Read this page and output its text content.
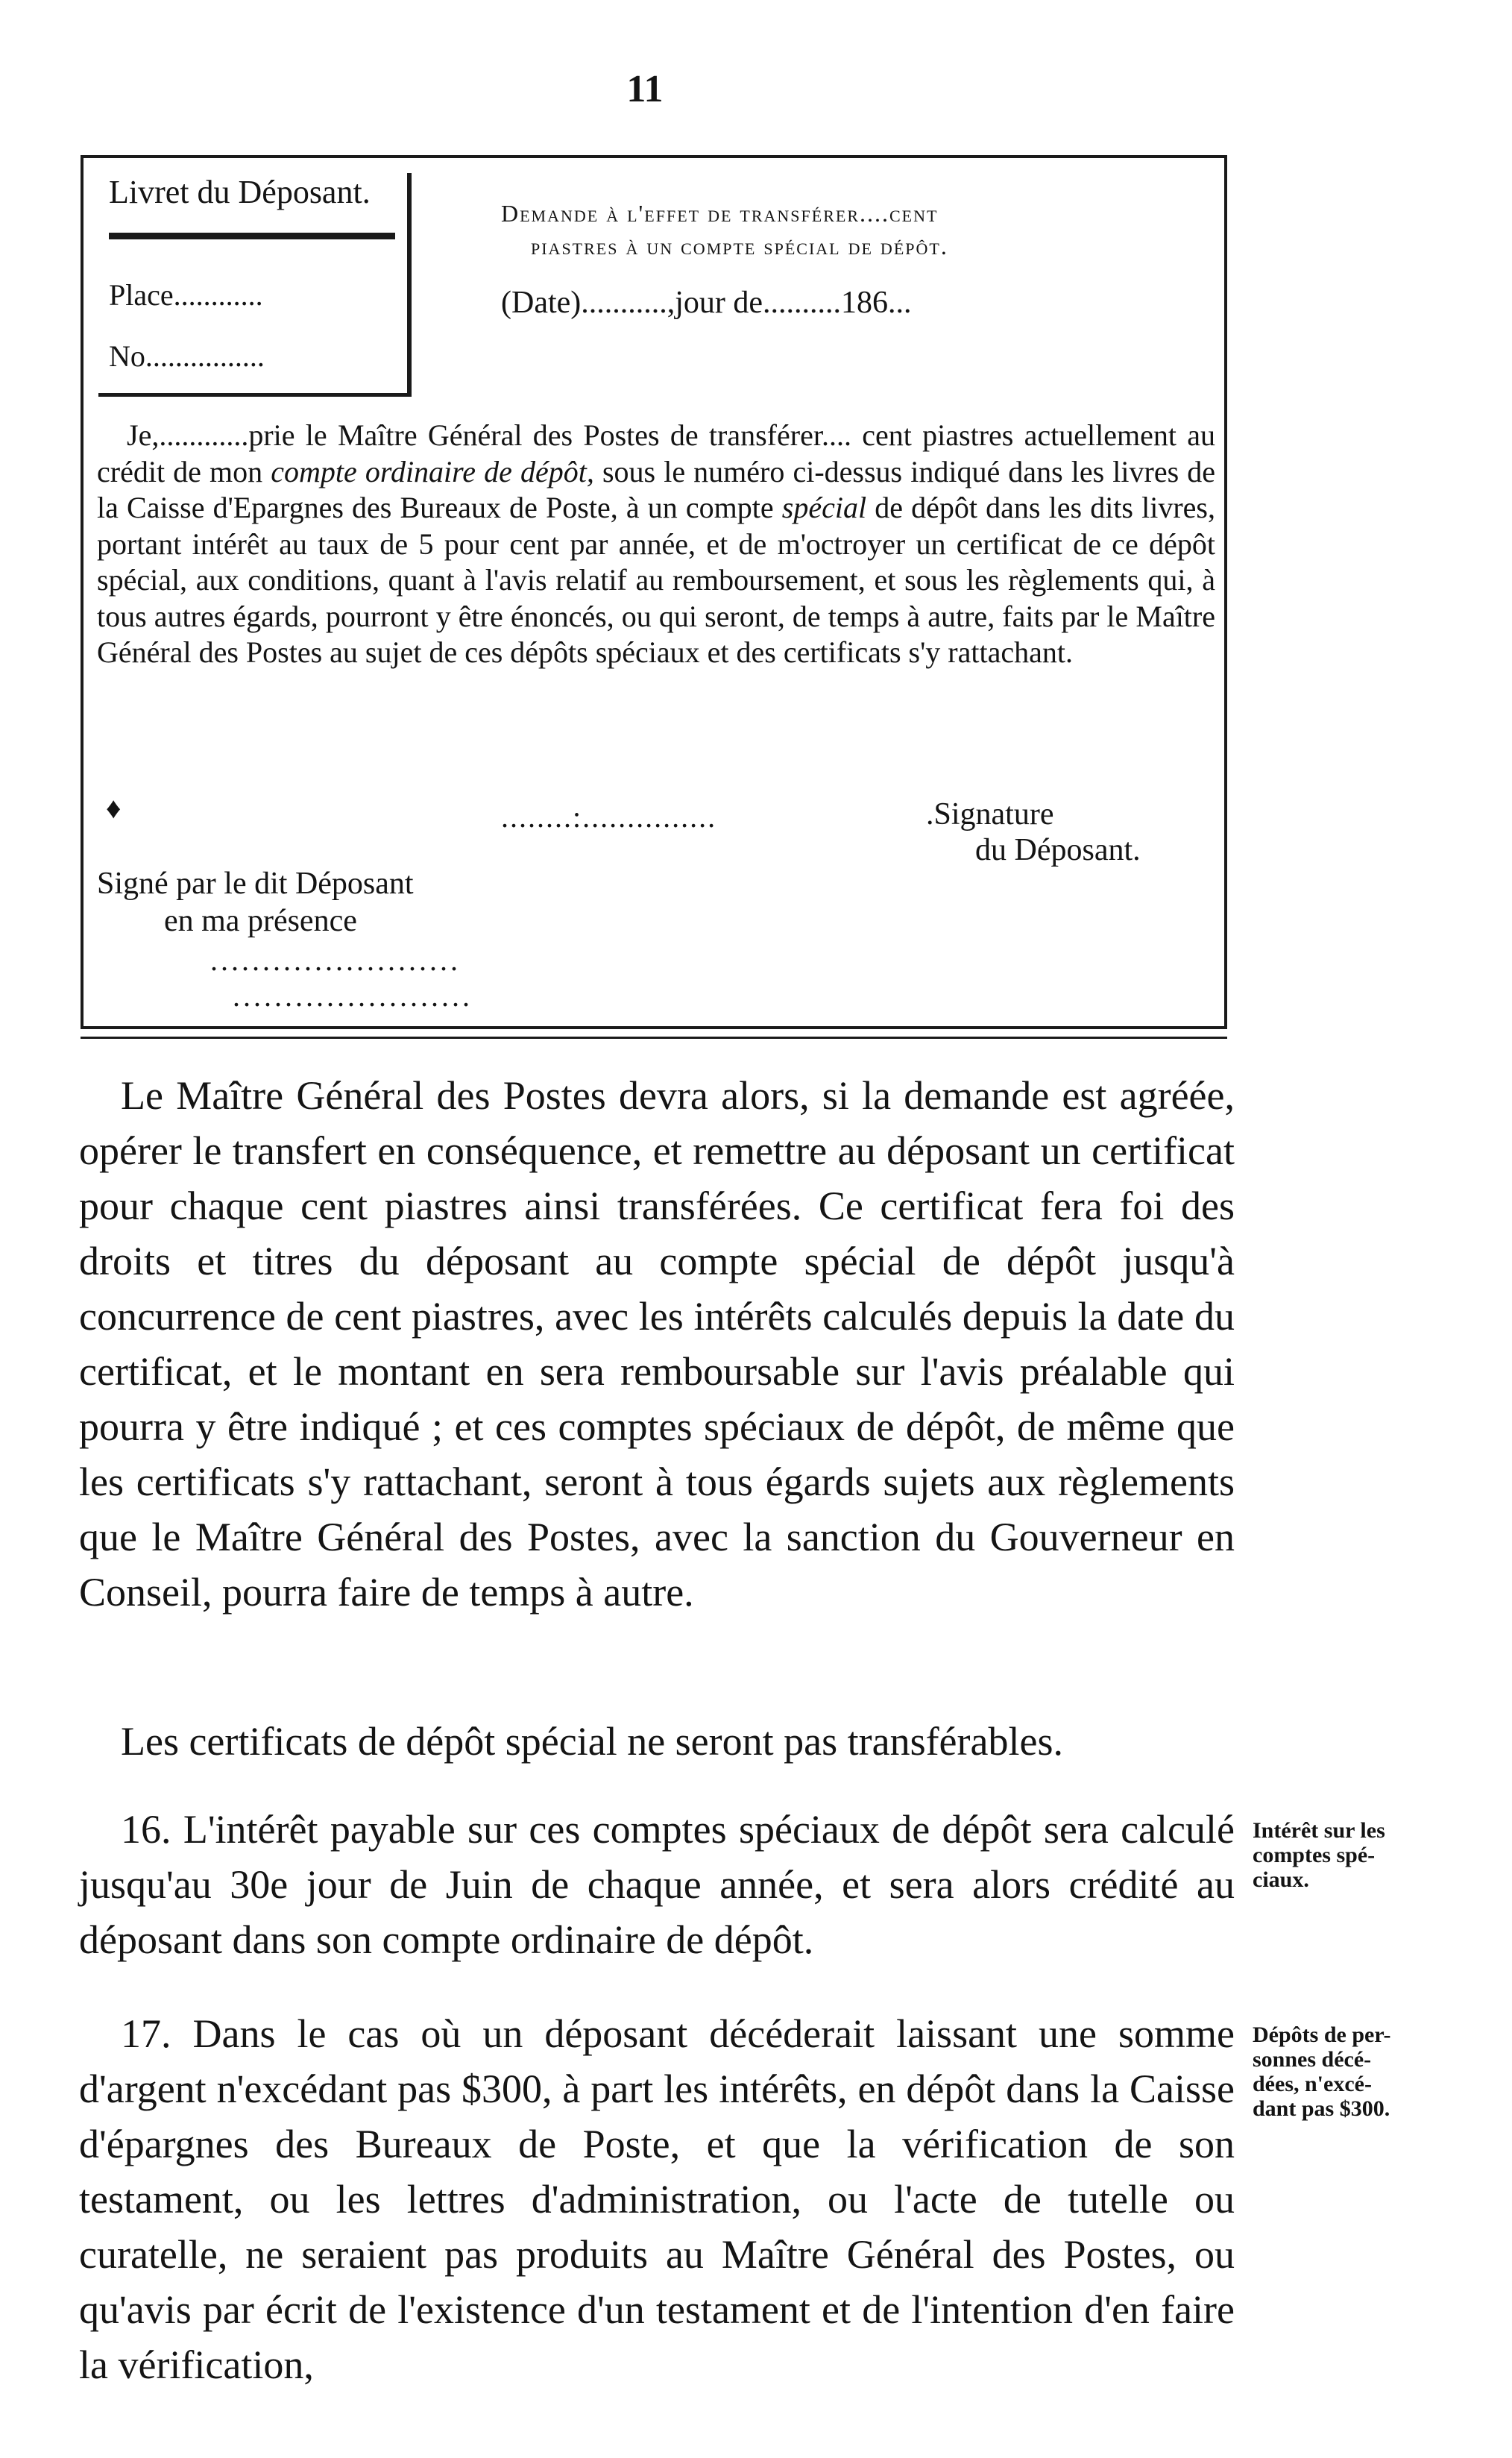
11
Livret du Déposant.
Place............
No................
Demande à l'effet de transférer....cent
piastres à un compte spécial de dépôt.
(Date)...........,jour de..........186...

Je,............prie le Maître Général des Postes de transférer.... cent piastres actuellement au crédit de mon compte ordinaire de dépôt, sous le numéro ci-dessus indiqué dans les livres de la Caisse d'Epargnes des Bureaux de Poste, à un compte spécial de dépôt dans les dits livres, portant intérêt au taux de 5 pour cent par année, et de m'octroyer un certificat de ce dépôt spécial, aux conditions, quant à l'avis relatif au remboursement, et sous les règlements qui, à tous autres égards, pourront y être énoncés, ou qui seront, de temps à autre, faits par le Maître Général des Postes au sujet de ces dépôts spéciaux et des certificats s'y rattachant.

♦	........:...............	.Signature
du Déposant.
Signé par le dit Déposant
en ma présence
........................
.......................

Le Maître Général des Postes devra alors, si la demande est agréée, opérer le transfert en conséquence, et remettre au déposant un certificat pour chaque cent piastres ainsi transférées. Ce certificat fera foi des droits et titres du déposant au compte spécial de dépôt jusqu'à concurrence de cent piastres, avec les intérêts calculés depuis la date du certificat, et le montant en sera remboursable sur l'avis préalable qui pourra y être indiqué ; et ces comptes spéciaux de dépôt, de même que les certificats s'y rattachant, seront à tous égards sujets aux règlements que le Maître Général des Postes, avec la sanction du Gouverneur en Conseil, pourra faire de temps à autre.

Les certificats de dépôt spécial ne seront pas transférables.

16. L'intérêt payable sur ces comptes spéciaux de dépôt sera calculé jusqu'au 30e jour de Juin de chaque année, et sera alors crédité au déposant dans son compte ordinaire de dépôt.

Intérêt sur les
comptes spé-
ciaux.

17. Dans le cas où un déposant décéderait laissant une somme d'argent n'excédant pas $300, à part les intérêts, en dépôt dans la Caisse d'épargnes des Bureaux de Poste, et que la vérification de son testament, ou les lettres d'administration, ou l'acte de tutelle ou curatelle, ne seraient pas produits au Maître Général des Postes, ou qu'avis par écrit de l'existence d'un testament et de l'intention d'en faire la vérification,

Dépôts de per-
sonnes décé-
dées, n'excé-
dant pas $300.
